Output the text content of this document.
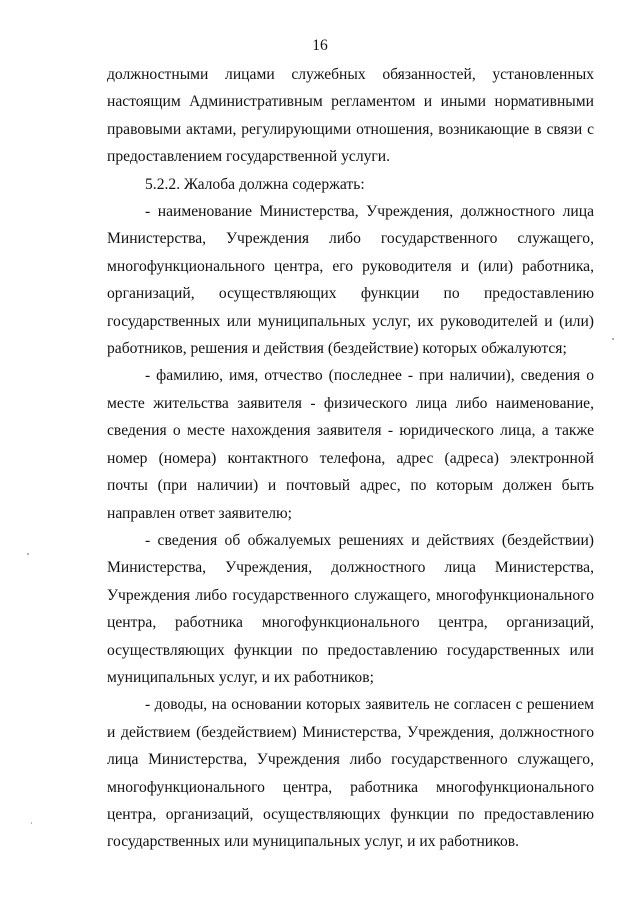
16

должностными лицами служебных обязанностей, установленных настоящим Административным регламентом и иными нормативными правовыми актами, регулирующими отношения, возникающие в связи с предоставлением государственной услуги.

5.2.2. Жалоба должна содержать:

- наименование Министерства, Учреждения, должностного лица Министерства, Учреждения либо государственного служащего, многофункционального центра, его руководителя и (или) работника, организаций, осуществляющих функции по предоставлению государственных или муниципальных услуг, их руководителей и (или) работников, решения и действия (бездействие) которых обжалуются;

- фамилию, имя, отчество (последнее - при наличии), сведения о месте жительства заявителя - физического лица либо наименование, сведения о месте нахождения заявителя - юридического лица, а также номер (номера) контактного телефона, адрес (адреса) электронной почты (при наличии) и почтовый адрес, по которым должен быть направлен ответ заявителю;

- сведения об обжалуемых решениях и действиях (бездействии) Министерства, Учреждения, должностного лица Министерства, Учреждения либо государственного служащего, многофункционального центра, работника многофункционального центра, организаций, осуществляющих функции по предоставлению государственных или муниципальных услуг, и их работников;

- доводы, на основании которых заявитель не согласен с решением и действием (бездействием) Министерства, Учреждения, должностного лица Министерства, Учреждения либо государственного служащего, многофункционального центра, работника многофункционального центра, организаций, осуществляющих функции по предоставлению государственных или муниципальных услуг, и их работников.
